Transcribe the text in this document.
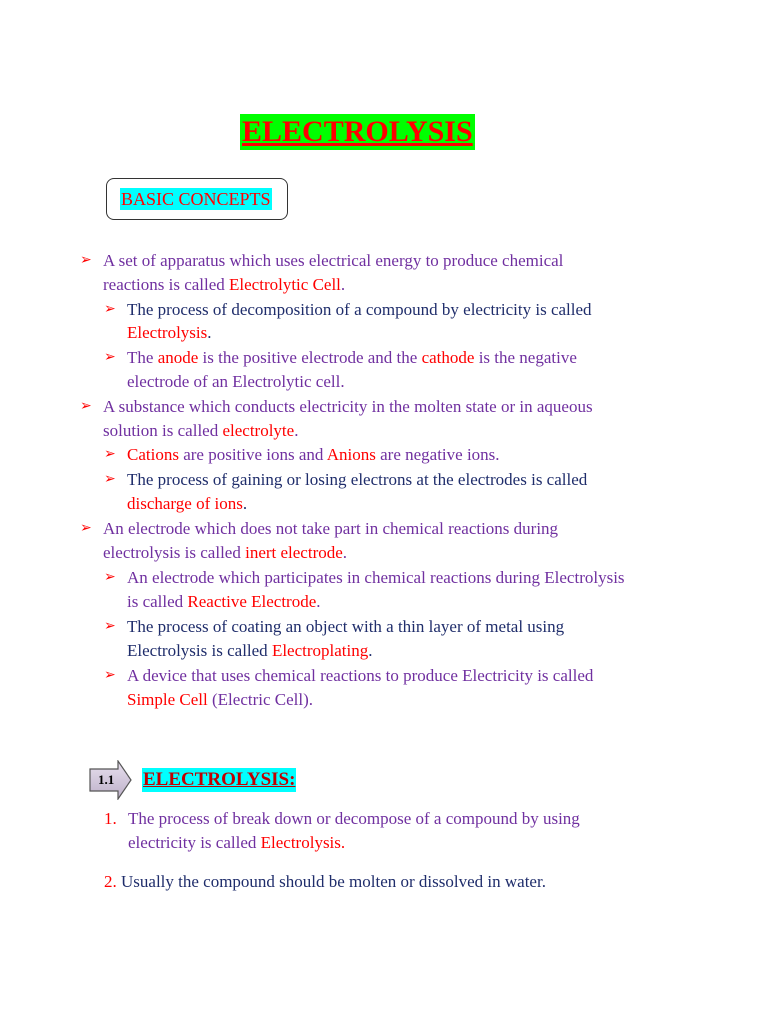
ELECTROLYSIS
BASIC CONCEPTS
➢ A set of apparatus which uses electrical energy to produce chemical
reactions is called Electrolytic Cell.
➢ The process of decomposition of a compound by electricity is called
Electrolysis.
➢ The anode is the positive electrode and the cathode is the negative
electrode of an Electrolytic cell.
➢ A substance which conducts electricity in the molten state or in aqueous
solution is called electrolyte.
➢ Cations are positive ions and Anions are negative ions.
➢ The process of gaining or losing electrons at the electrodes is called
discharge of ions.
➢ An electrode which does not take part in chemical reactions during
electrolysis is called inert electrode.
➢ An electrode which participates in chemical reactions during Electrolysis
is called Reactive Electrode.
➢ The process of coating an object with a thin layer of metal using
Electrolysis is called Electroplating.
➢ A device that uses chemical reactions to produce Electricity is called
Simple Cell (Electric Cell).
1.1 ELECTROLYSIS:
1. The process of break down or decompose of a compound by using
electricity is called Electrolysis.
2. Usually the compound should be molten or dissolved in water.
